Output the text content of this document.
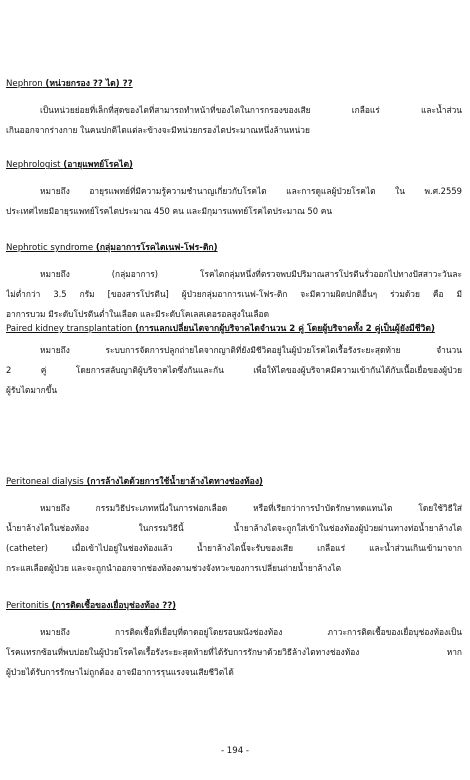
Nephron (หน่วยกรอง ?? ไต) ??
เป็นหน่วยย่อยที่เล็กที่สุดของไตที่สามารถทำหน้าที่ของไตในการกรองของเสีย เกลือแร่ และน้ำส่วน
เกินออกจากร่างกาย ในคนปกติไตแต่ละข้างจะมีหน่วยกรองไตประมาณหนึ่งล้านหน่วย
Nephrologist (อายุแพทย์โรคไต)
หมายถึง อายุรแพทย์ที่มีความรู้ความชำนาญเกี่ยวกับโรคไต และการดูแลผู้ป่วยโรคไต ใน พ.ศ.2559
ประเทศไทยมีอายุรแพทย์โรคไตประมาณ 450 คน และมีกุมารแพทย์โรคไตประมาณ 50 คน
Nephrotic syndrome (กลุ่มอาการโรคไตเนฟ-โฟร-ติก)
หมายถึง (กลุ่มอาการ) โรคไตกลุ่มหนึ่งที่ตรวจพบมีปริมาณสารโปรตีนรั่วออกไปทางปัสสาวะวันละ
ไม่ต่ำกว่า 3.5 กรัม [ของสารโปรตีน] ผู้ป่วยกลุ่มอาการเนฟ-โฟร-ติก จะมีความผิดปกติอื่นๆ ร่วมด้วย คือ มี
อาการบวม มีระดับโปรตีนต่ำในเลือด และมีระดับโคเลสเตอรอลสูงในเลือด
Paired kidney transplantation (การแลกเปลี่ยนไตจากผู้บริจาคไตจำนวน 2 คู่ โดยผู้บริจาคทั้ง 2 คู่เป็นผู้ยังมีชีวิต)
หมายถึง ระบบการจัดการปลูกถ่ายไตจากญาติที่ยังมีชีวิตอยู่ในผู้ป่วยโรคไตเรื้อรังระยะสุดท้าย จำนวน
2 คู่ โดยการสลับญาติผู้บริจาคไตซึ่งกันและกัน เพื่อให้ไตของผู้บริจาคมีความเข้ากันได้กับเนื้อเยื่อของผู้ป่วย
ผู้รับไตมากขึ้น
Peritoneal dialysis (การล้างไตด้วยการใช้น้ำยาล้างไตทางช่องท้อง)
หมายถึง กรรมวิธีประเภทหนึ่งในการฟอกเลือด หรือที่เรียกว่าการบำบัดรักษาทดแทนไต โดยใช้วิธีใส่
น้ำยาล้างไตในช่องท้อง ในกรรมวิธีนี้ น้ำยาล้างไตจะถูกใส่เข้าในช่องท้องผู้ป่วยผ่านทางท่อน้ำยาล้างไต
(catheter) เมื่อเข้าไปอยู่ในช่องท้องแล้ว น้ำยาล้างไตนี้จะรับของเสีย เกลือแร่ และน้ำส่วนเกินเข้ามาจาก
กระแสเลือดผู้ป่วย และจะถูกนำออกจากช่องท้องตามช่วงจังหวะของการเปลี่ยนถ่ายน้ำยาล้างไต
Peritonitis (การติดเชื้อของเยื่อบุช่องท้อง ??)
หมายถึง การติดเชื้อที่เยื่อบุที่ดาดอยู่โดยรอบผนังช่องท้อง ภาวะการติดเชื้อของเยื่อบุช่องท้องเป็น
โรคแทรกซ้อนที่พบบ่อยในผู้ป่วยโรคไตเรื้อรังระยะสุดท้ายที่ได้รับการรักษาด้วยวิธีล้างไตทางช่องท้อง หาก
ผู้ป่วยได้รับการรักษาไม่ถูกต้อง อาจมีอาการรุนแรงจนเสียชีวิตได้
- 194 -
